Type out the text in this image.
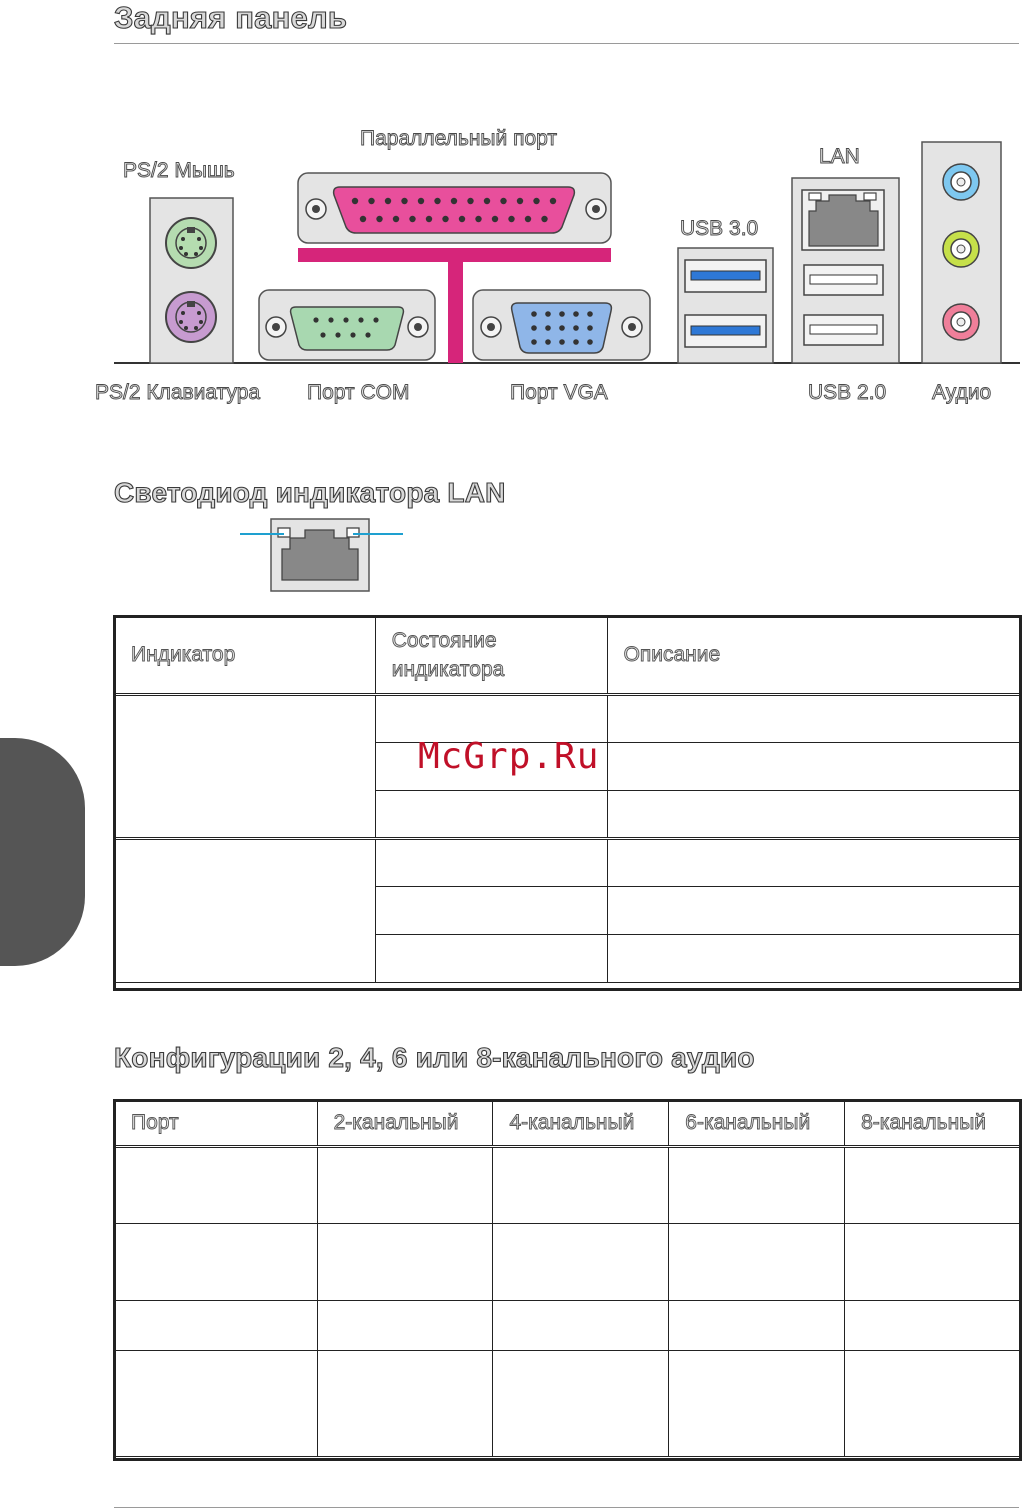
Задняя панель
PS/2 Мышь
Параллельный порт
LAN
USB 3.0
PS/2 Клавиатура Порт COM	Порт VGA	USB 2.0 Аудио
Светодиод индикатора LAN
Индикатор	Состояние индикатора	Описание

McGrp.Ru
Конфигурации 2, 4, 6 или 8-канального аудио
Порт	2-канальный	4-канальный	6-канальный	8-канальный
